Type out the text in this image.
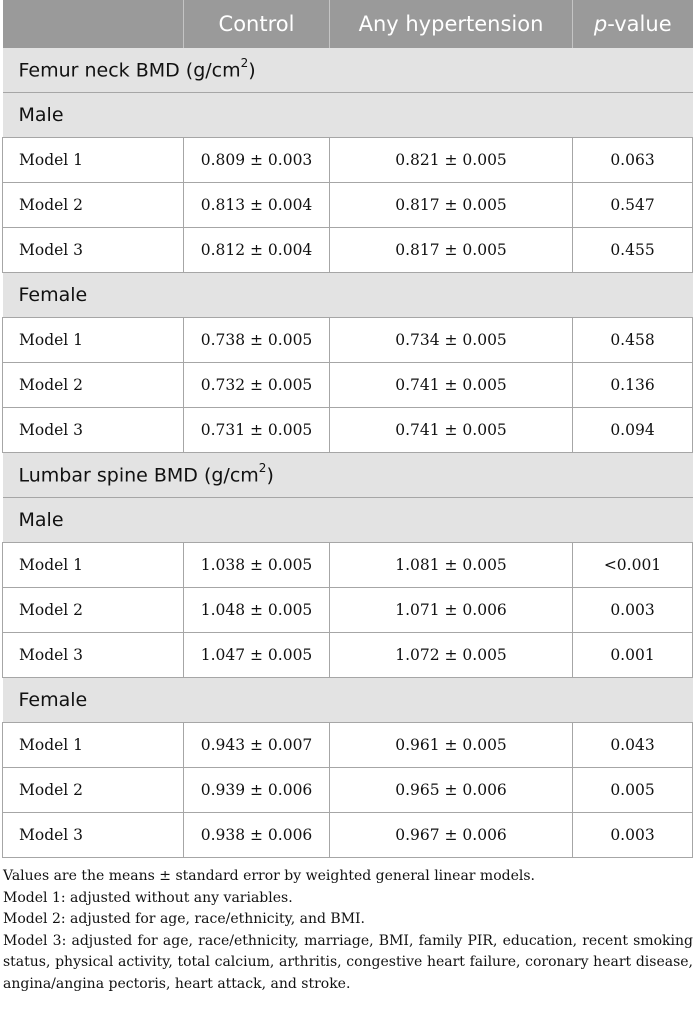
	Control	Any hypertension	p-value
Femur neck BMD $(g/cm^2)$			
Male			
Model 1	0.809 ± 0.003	0.821 ± 0.005	0.063
Model 2	0.813 ± 0.004	0.817 ± 0.005	0.547
Model 3	0.812 ± 0.004	0.817 ± 0.005	0.455
Female			
Model 1	0.738 ± 0.005	0.734 ± 0.005	0.458
Model 2	0.732 ± 0.005	0.741 ± 0.005	0.136
Model 3	0.731 ± 0.005	0.741 ± 0.005	0.094
Lumbar spine BMD $(g/cm^2)$			
Male			
Model 1	1.038 ± 0.005	1.081 ± 0.005	<0.001
Model 2	1.048 ± 0.005	1.071 ± 0.006	0.003
Model 3	1.047 ± 0.005	1.072 ± 0.005	0.001
Female			
Model 1	0.943 ± 0.007	0.961 ± 0.005	0.043
Model 2	0.939 ± 0.006	0.965 ± 0.006	0.005
Model 3	0.938 ± 0.006	0.967 ± 0.006	0.003

Values are the means ± standard error by weighted general linear models.

Model 1: adjusted without any variables.

Model 2: adjusted for age, race/ethnicity, and BMI.

Model 3: adjusted for age, race/ethnicity, marriage, BMI, family PIR, education, recent smoking status, physical activity, total calcium, arthritis, congestive heart failure, coronary heart disease, angina/angina pectoris, heart attack, and stroke.
